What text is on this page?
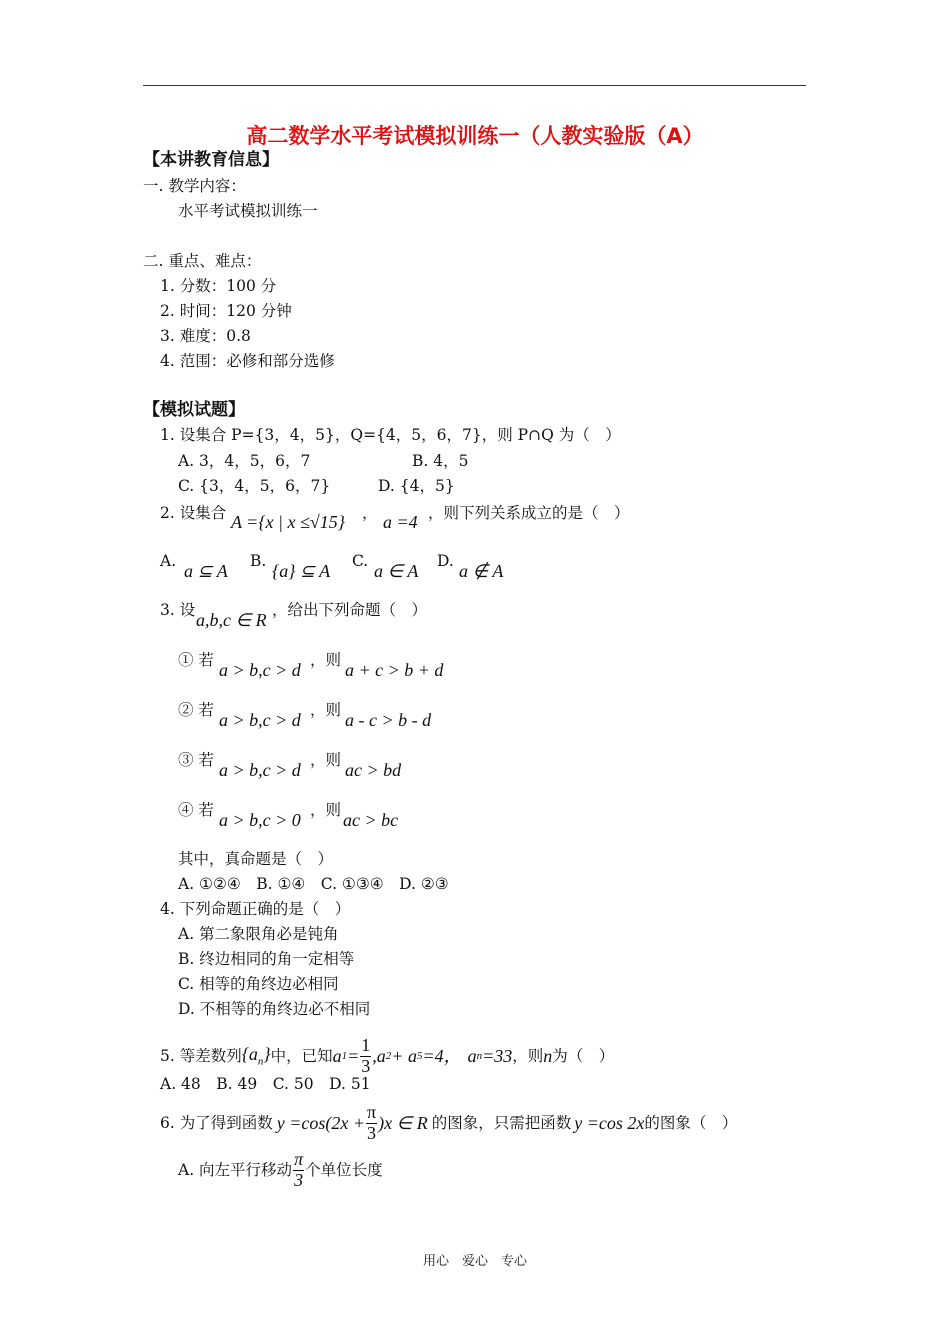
高二数学水平考试模拟训练一（人教实验版（A）
【本讲教育信息】
一. 教学内容：
水平考试模拟训练一
二. 重点、难点：
1. 分数：100 分
2. 时间：120 分钟
3. 难度：0.8
4. 范围：必修和部分选修
【模拟试题】
1. 设集合 P={3，4，5}，Q={4，5，6，7}，则 P∩Q 为（　）
A. 3，4，5，6，7	B. 4，5
C. {3，4，5，6，7}	D. {4，5}
2. 设集合 A ={x | x ≤√15} ， a =4 ，则下列关系成立的是（　）
A. a ⊆ A B. {a} ⊆ A C. a ∈ A D. a ∉ A
3. 设 a,b,c ∈ R ，给出下列命题（　）
① 若 a > b,c > d ，则 a + c > b + d
② 若 a > b,c > d ，则 a - c > b - d
③ 若 a > b,c > d ，则 ac > bd
④ 若 a > b,c > 0 ，则 ac > bc
其中，真命题是（　）
A. ①②④　B. ①④　C. ①③④　D. ②③
4. 下列命题正确的是（　）
A. 第二象限角必是钝角
B. 终边相同的角一定相等
C. 相等的角终边必相同
D. 不相等的角终边必不相同
5. 等差数列 $\{a_n\}$ 中，已知 a $1 = \frac{1}{3} ,a$ 2 + a 5 =4， a n =33 ，则 n 为（　）
A. 48　B. 49　C. 50　D. 51
6. 为了得到函数 $y =\cos(2x + \frac{\pi}{3} )x$ ∈ R 的图象，只需把函数 y =cos 2x 的图象（　）
A. 向左平行移动 $\frac{\pi}{3}$ 个单位长度
用心　爱心　专心
